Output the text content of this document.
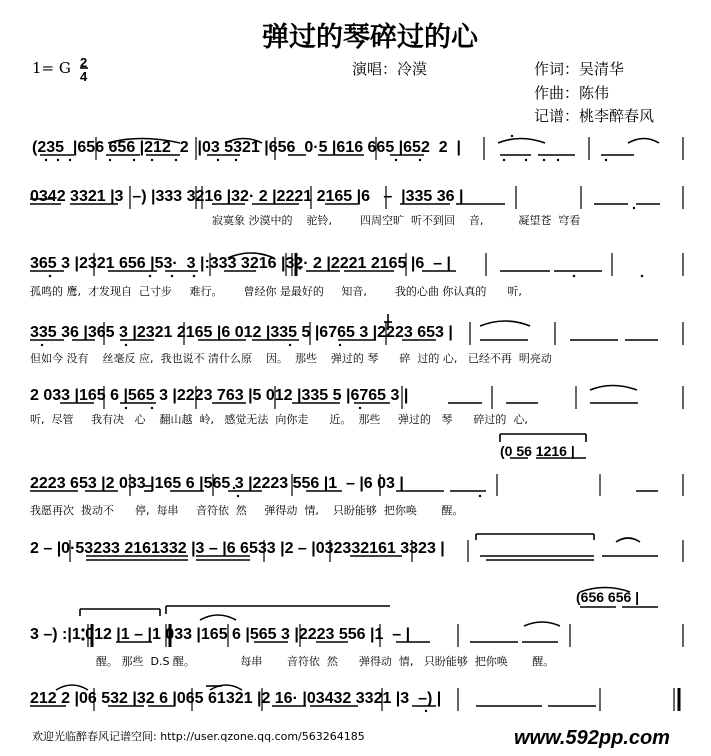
弹过的琴碎过的心
1= G 2
4	演唱：冷漠	作词：吴清华
作曲：陈伟
记谱：桃李醉春风
(235  |656 656 |212  2  |03 5321 |656  0·5 |616 665 |652  2  |
0342 3321 |3  –) |333 3216 |32· 2 |2221 2165 |6   –  |335 36 |
寂寞象 沙漠中的    驼铃,        四周空旷  听不到回    音,          凝望苍  穹看
365 3 |2321 656 |53·  3 |:333 3216 |32· 2 |2221 2165 |6  – |
孤鸣的 鹰,  才发现自  己寸步     难行。      曾经你 是最好的     知音,        我的心曲 你认真的      听,
335 36 |365 3 |2321 2165 |6 012 |335 5 |6765 3 |2223 653 |
但如今 没有    丝毫反 应,  我也说不 清什么原    因。  那些    弹过的 琴      碎  过的 心,   已经不再  明亮动
2 033 |165 6 |565 3 |2223 763 |5 012 |335 5 |6765 3 |
听,  尽管     我有决   心    翻山越  岭,   感觉无法  向你走      近。  那些     弹过的   琴      碎过的  心,
(0 56 1216 |
2223 653 |2 033 |165 6 |565 3 |2223 556 |1  – |6 03 |
我愿再次  拨动不      停,  每串     音符依  然     弹得动  情,    只盼能够  把你唤       醒。
2 – |0·53233 2161332 |3 – |6 6533 |2 – |032332161 3323 |
(656 656 |
3 –) :|1 012 |1 – |1 033 |165 6 |565 3 |2223 556 |1  – |
醒。 那些  D.S 醒。             每串       音符依  然      弹得动  情,   只盼能够  把你唤       醒。
212 2 |06 532 |32 6 |065 61321 |2 16· |03432 3321 |3  –) |
欢迎光临醉春风记谱空间: http://user.qzone.qq.com/563264185	www.592pp.com
